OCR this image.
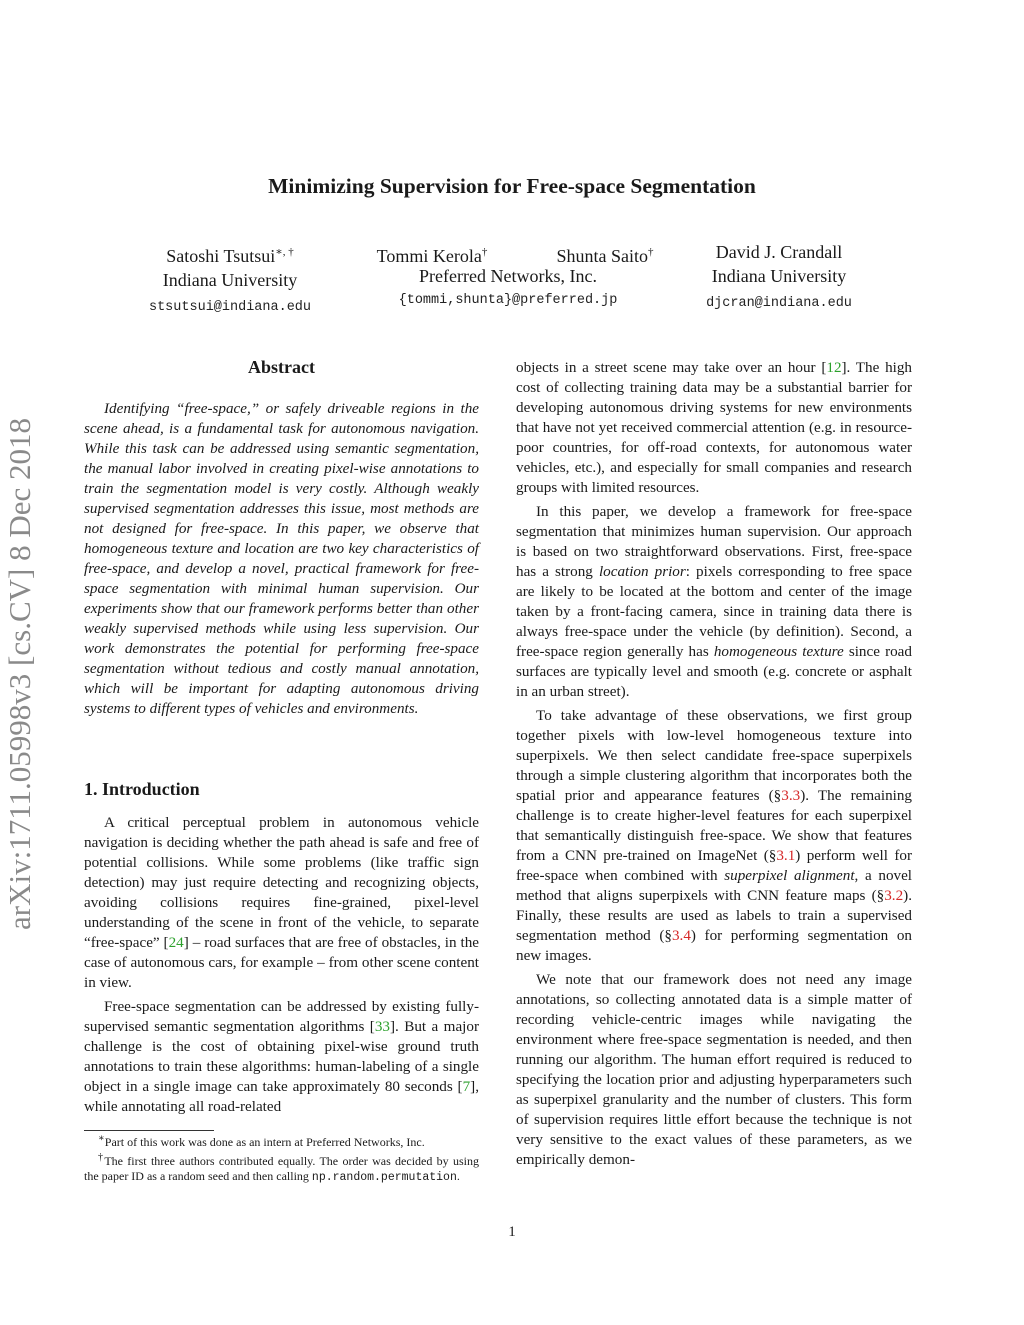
arXiv:1711.05998v3 [cs.CV] 8 Dec 2018
Minimizing Supervision for Free-space Segmentation
Satoshi Tsutsui∗, †
Indiana University
stsutsui@indiana.edu
Tommi Kerola†	Shunta Saito†
Preferred Networks, Inc.
{tommi,shunta}@preferred.jp
David J. Crandall
Indiana University
djcran@indiana.edu
Abstract

Identifying “free-space,” or safely driveable regions in the scene ahead, is a fundamental task for autonomous navigation. While this task can be addressed using semantic segmentation, the manual labor involved in creating pixel-wise annotations to train the segmentation model is very costly. Although weakly supervised segmentation addresses this issue, most methods are not designed for free-space. In this paper, we observe that homogeneous texture and location are two key characteristics of free-space, and develop a novel, practical framework for free-space segmentation with minimal human supervision. Our experiments show that our framework performs better than other weakly supervised methods while using less supervision. Our work demonstrates the potential for performing free-space segmentation without tedious and costly manual annotation, which will be important for adapting autonomous driving systems to different types of vehicles and environments.

1. Introduction

A critical perceptual problem in autonomous vehicle navigation is deciding whether the path ahead is safe and free of potential collisions. While some problems (like traffic sign detection) may just require detecting and recognizing objects, avoiding collisions requires fine-grained, pixel-level understanding of the scene in front of the vehicle, to separate “free-space” [24] – road surfaces that are free of obstacles, in the case of autonomous cars, for example – from other scene content in view.

Free-space segmentation can be addressed by existing fully-supervised semantic segmentation algorithms [33]. But a major challenge is the cost of obtaining pixel-wise ground truth annotations to train these algorithms: human-labeling of a single object in a single image can take approximately 80 seconds [7], while annotating all road-related

objects in a street scene may take over an hour [12]. The high cost of collecting training data may be a substantial barrier for developing autonomous driving systems for new environments that have not yet received commercial attention (e.g. in resource-poor countries, for off-road contexts, for autonomous water vehicles, etc.), and especially for small companies and research groups with limited resources.

In this paper, we develop a framework for free-space segmentation that minimizes human supervision. Our approach is based on two straightforward observations. First, free-space has a strong location prior: pixels corresponding to free space are likely to be located at the bottom and center of the image taken by a front-facing camera, since in training data there is always free-space under the vehicle (by definition). Second, a free-space region generally has homogeneous texture since road surfaces are typically level and smooth (e.g. concrete or asphalt in an urban street).

To take advantage of these observations, we first group together pixels with low-level homogeneous texture into superpixels. We then select candidate free-space superpixels through a simple clustering algorithm that incorporates both the spatial prior and appearance features (§3.3). The remaining challenge is to create higher-level features for each superpixel that semantically distinguish free-space. We show that features from a CNN pre-trained on ImageNet (§3.1) perform well for free-space when combined with superpixel alignment, a novel method that aligns superpixels with CNN feature maps (§3.2). Finally, these results are used as labels to train a supervised segmentation method (§3.4) for performing segmentation on new images.

We note that our framework does not need any image annotations, so collecting annotated data is a simple matter of recording vehicle-centric images while navigating the environment where free-space segmentation is needed, and then running our algorithm. The human effort required is reduced to specifying the location prior and adjusting hyperparameters such as superpixel granularity and the number of clusters. This form of supervision requires little effort because the technique is not very sensitive to the exact values of these parameters, as we empirically demon-

∗Part of this work was done as an intern at Preferred Networks, Inc.

†The first three authors contributed equally. The order was decided by using the paper ID as a random seed and then calling np.random.permutation.

1
